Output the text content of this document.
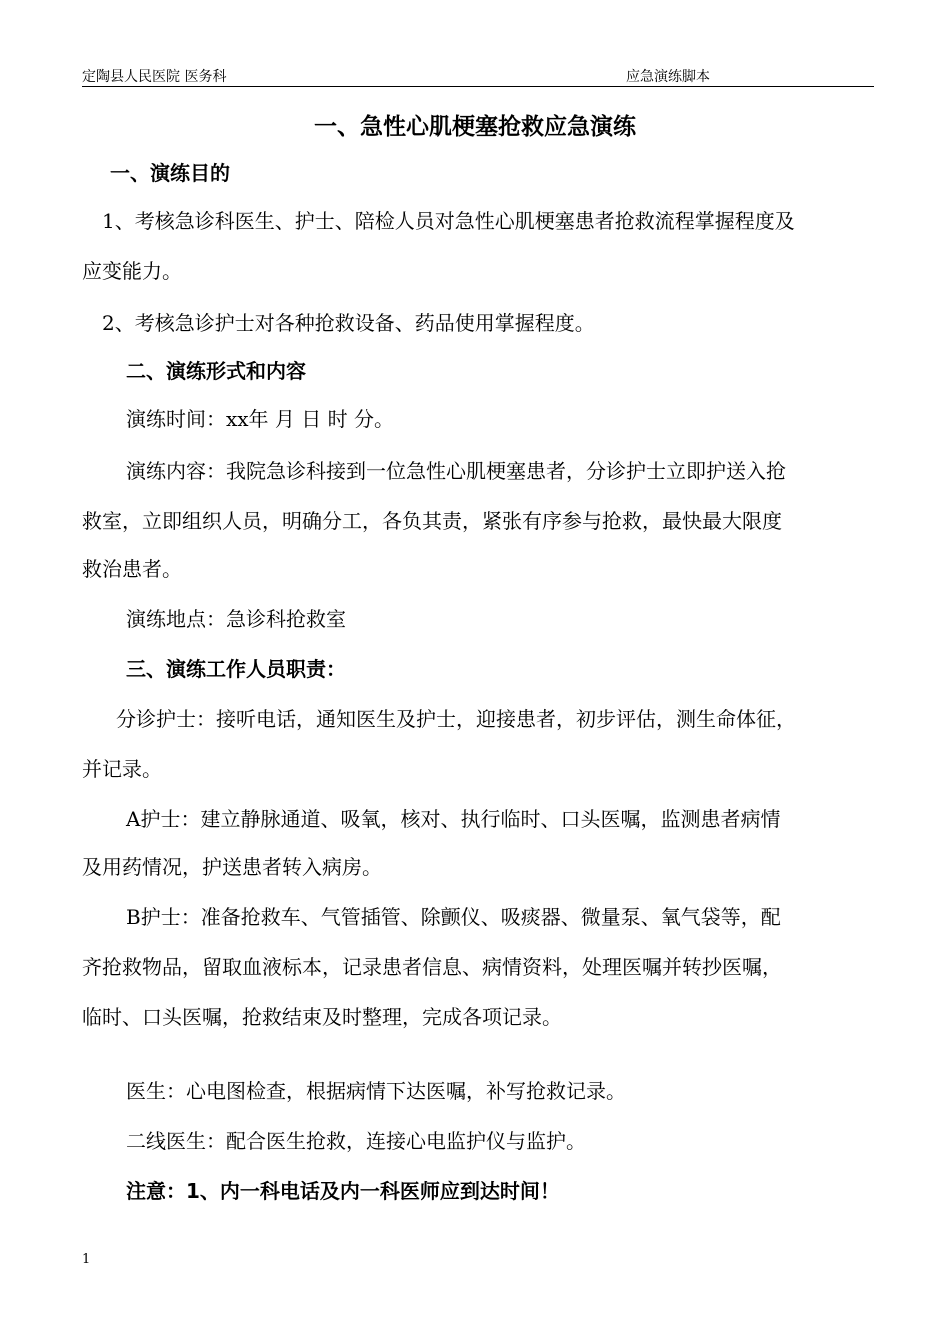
定陶县人民医院 医务科	应急演练脚本
一、急性心肌梗塞抢救应急演练
一、演练目的
1、考核急诊科医生、护士、陪检人员对急性心肌梗塞患者抢救流程掌握程度及
应变能力。
2、考核急诊护士对各种抢救设备、药品使用掌握程度。
二、演练形式和内容
演练时间：xx年 月 日 时 分。
演练内容：我院急诊科接到一位急性心肌梗塞患者，分诊护士立即护送入抢
救室，立即组织人员，明确分工，各负其责，紧张有序参与抢救，最快最大限度
救治患者。
演练地点：急诊科抢救室
三、演练工作人员职责：
分诊护士：接听电话，通知医生及护士，迎接患者，初步评估，测生命体征，
并记录。
A护士：建立静脉通道、吸氧，核对、执行临时、口头医嘱，监测患者病情
及用药情况，护送患者转入病房。
B护士：准备抢救车、气管插管、除颤仪、吸痰器、微量泵、氧气袋等，配
齐抢救物品，留取血液标本，记录患者信息、病情资料，处理医嘱并转抄医嘱，
临时、口头医嘱，抢救结束及时整理，完成各项记录。
医生：心电图检查，根据病情下达医嘱，补写抢救记录。
二线医生：配合医生抢救，连接心电监护仪与监护。
注意：1、内一科电话及内一科医师应到达时间！
1
